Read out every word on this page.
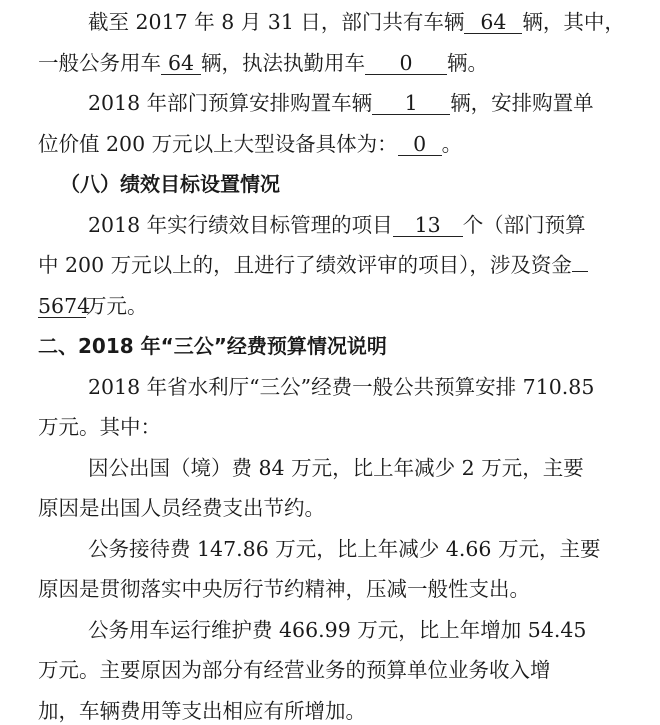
截至 2017 年 8 月 31 日，部门共有车辆 64 辆，其中，
一般公务用车 64 辆，执法执勤用车 0 辆。
2018 年部门预算安排购置车辆 1 辆，安排购置单
位价值 200 万元以上大型设备具体为： 0 。
（八）绩效目标设置情况
2018 年实行绩效目标管理的项目 13 个（部门预算
中 200 万元以上的，且进行了绩效评审的项目），涉及资金
5674万元。
二、2018 年“三公”经费预算情况说明
2018 年省水利厅“三公”经费一般公共预算安排 710.85
万元。其中：
因公出国（境）费 84 万元，比上年减少 2 万元，主要
原因是出国人员经费支出节约。
公务接待费 147.86 万元，比上年减少 4.66 万元，主要
原因是贯彻落实中央厉行节约精神，压减一般性支出。
公务用车运行维护费 466.99 万元，比上年增加 54.45
万元。主要原因为部分有经营业务的预算单位业务收入增
加，车辆费用等支出相应有所增加。
